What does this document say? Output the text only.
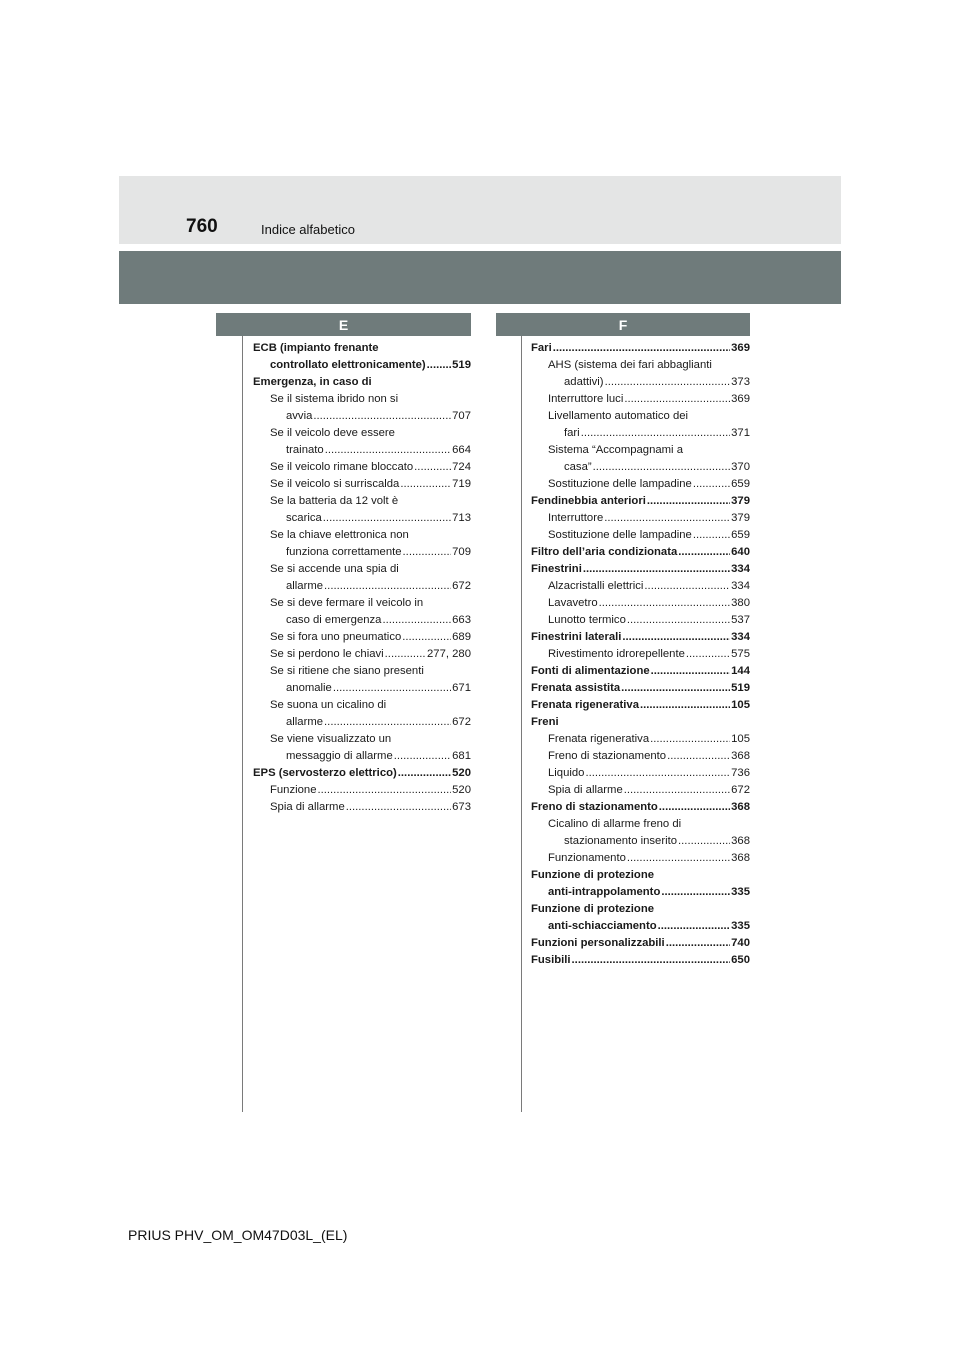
760	Indice alfabetico
E	F
ECB (impianto frenante
controllato elettronicamente) ..... 519
Emergenza, in caso di
Se il sistema ibrido non si
avvia .....	707
Se il veicolo deve essere
trainato .....	664
Se il veicolo rimane bloccato .....	724
Se il veicolo si surriscalda .....	719
Se la batteria da 12 volt è
scarica .....	713
Se la chiave elettronica non
funziona correttamente .....	709
Se si accende una spia di
allarme .....	672
Se si deve fermare il veicolo in
caso di emergenza .....	663
Se si fora uno pneumatico .....	689
Se si perdono le chiavi .....	277, 280
Se si ritiene che siano presenti
anomalie .....	671
Se suona un cicalino di
allarme .....	672
Se viene visualizzato un
messaggio di allarme .....	681
EPS (servosterzo elettrico) .....	520
Funzione .....	520
Spia di allarme .....	673
Fari .....	369
AHS (sistema dei fari abbaglianti
adattivi) .....	373
Interruttore luci .....	369
Livellamento automatico dei
fari .....	371
Sistema “Accompagnami a
casa” .....	370
Sostituzione delle lampadine .....	659
Fendinebbia anteriori .....	379
Interruttore .....	379
Sostituzione delle lampadine .....	659
Filtro dell’aria condizionata .....	640
Finestrini .....	334
Alzacristalli elettrici .....	334
Lavavetro .....	380
Lunotto termico .....	537
Finestrini laterali .....	334
Rivestimento idrorepellente .....	575
Fonti di alimentazione .....	144
Frenata assistita .....	519
Frenata rigenerativa .....	105
Freni
Frenata rigenerativa .....	105
Freno di stazionamento .....	368
Liquido .....	736
Spia di allarme .....	672
Freno di stazionamento .....	368
Cicalino di allarme freno di
stazionamento inserito .....	368
Funzionamento .....	368
Funzione di protezione
anti-intrappolamento .....	335
Funzione di protezione
anti-schiacciamento .....	335
Funzioni personalizzabili .....	740
Fusibili .....	650
PRIUS PHV_OM_OM47D03L_(EL)
